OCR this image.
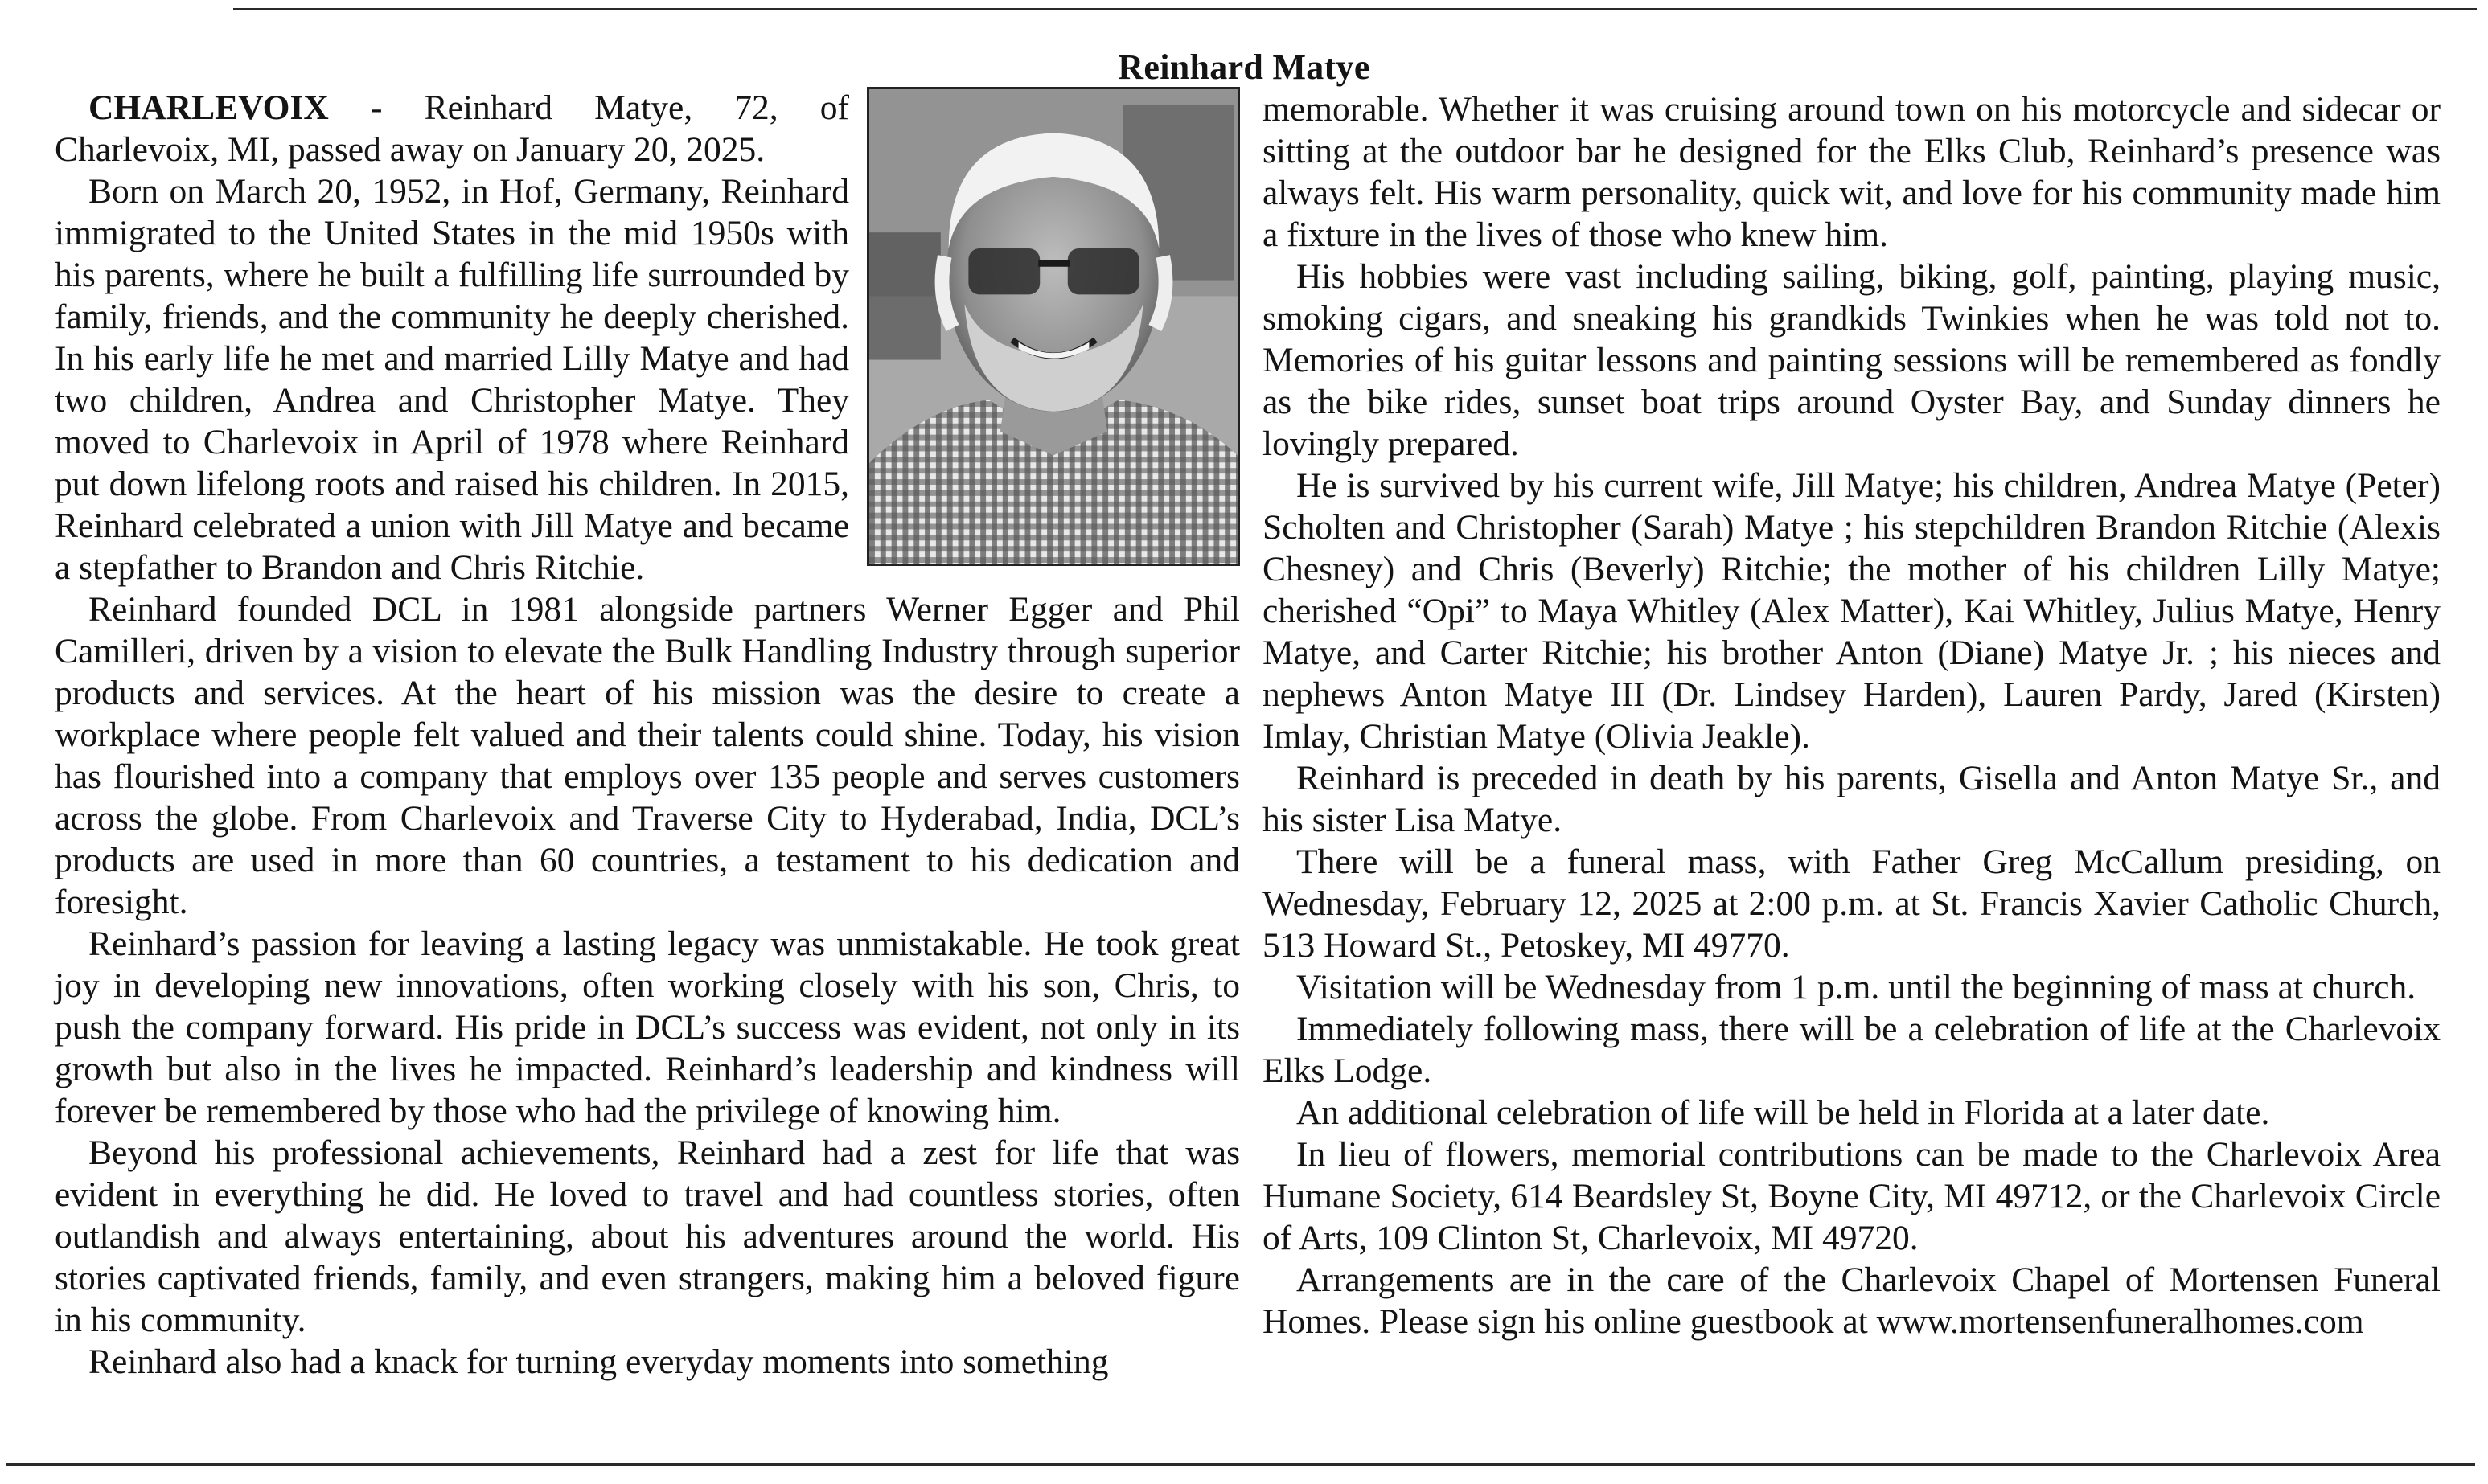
Reinhard Matye

CHARLEVOIX - Reinhard Matye, 72, of Charlevoix, MI, passed away on January 20, 2025.

Born on March 20, 1952, in Hof, Germany, Reinhard immigrated to the United States in the mid 1950s with his parents, where he built a fulfilling life surrounded by family, friends, and the community he deeply cherished. In his early life he met and married Lilly Matye and had two children, Andrea and Christopher Matye. They moved to Charlevoix in April of 1978 where Reinhard put down lifelong roots and raised his children. In 2015, Reinhard celebrated a union with Jill Matye and became a stepfather to Brandon and Chris Ritchie.

Reinhard founded DCL in 1981 alongside partners Werner Egger and Phil Camilleri, driven by a vision to elevate the Bulk Handling Industry through superior products and services. At the heart of his mission was the desire to create a workplace where people felt valued and their talents could shine. Today, his vision has flourished into a company that employs over 135 people and serves customers across the globe. From Charlevoix and Traverse City to Hyderabad, India, DCL’s products are used in more than 60 countries, a testament to his dedication and foresight.

Reinhard’s passion for leaving a lasting legacy was unmistakable. He took great joy in developing new innovations, often working closely with his son, Chris, to push the company forward. His pride in DCL’s success was evident, not only in its growth but also in the lives he impacted. Reinhard’s leadership and kindness will forever be remembered by those who had the privilege of knowing him.

Beyond his professional achievements, Reinhard had a zest for life that was evident in everything he did. He loved to travel and had countless stories, often outlandish and always entertaining, about his adventures around the world. His stories captivated friends, family, and even strangers, making him a beloved figure in his community.

Reinhard also had a knack for turning everyday moments into something

memorable. Whether it was cruising around town on his motorcycle and sidecar or sitting at the outdoor bar he designed for the Elks Club, Reinhard’s presence was always felt. His warm personality, quick wit, and love for his community made him a fixture in the lives of those who knew him.

His hobbies were vast including sailing, biking, golf, painting, playing music, smoking cigars, and sneaking his grandkids Twinkies when he was told not to. Memories of his guitar lessons and painting sessions will be remembered as fondly as the bike rides, sunset boat trips around Oyster Bay, and Sunday dinners he lovingly prepared.

He is survived by his current wife, Jill Matye; his children, Andrea Matye (Peter) Scholten and Christopher (Sarah) Matye ; his stepchildren Brandon Ritchie (Alexis Chesney) and Chris (Beverly) Ritchie; the mother of his children Lilly Matye; cherished “Opi” to Maya Whitley (Alex Matter), Kai Whitley, Julius Matye, Henry Matye, and Carter Ritchie; his brother Anton (Diane) Matye Jr. ; his nieces and nephews Anton Matye III (Dr. Lindsey Harden), Lauren Pardy, Jared (Kirsten) Imlay, Christian Matye (Olivia Jeakle).

Reinhard is preceded in death by his parents, Gisella and Anton Matye Sr., and his sister Lisa Matye.

There will be a funeral mass, with Father Greg McCallum presiding, on Wednesday, February 12, 2025 at 2:00 p.m. at St. Francis Xavier Catholic Church, 513 Howard St., Petoskey, MI 49770.

Visitation will be Wednesday from 1 p.m. until the beginning of mass at church.

Immediately following mass, there will be a celebration of life at the Charlevoix Elks Lodge.

An additional celebration of life will be held in Florida at a later date.

In lieu of flowers, memorial contributions can be made to the Charlevoix Area Humane Society, 614 Beardsley St, Boyne City, MI 49712, or the Charlevoix Circle of Arts, 109 Clinton St, Charlevoix, MI 49720.

Arrangements are in the care of the Charlevoix Chapel of Mortensen Funeral Homes. Please sign his online guestbook at www.mortensenfuneralhomes.com
